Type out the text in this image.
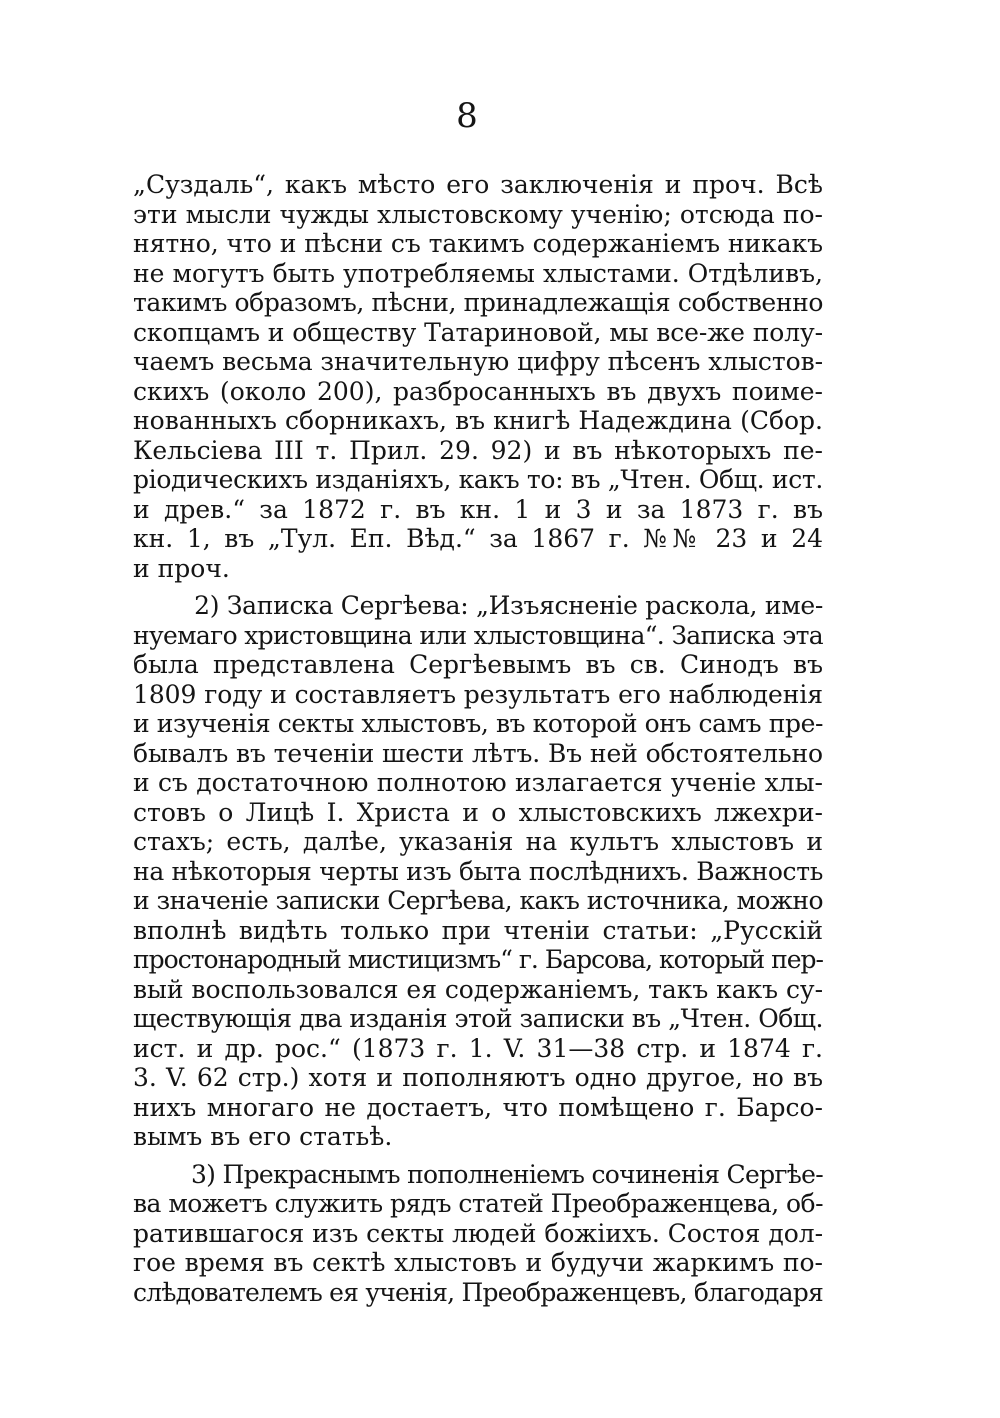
8
„Суздаль“, какъ мѣсто его заключенія и проч. Всѣ
эти мысли чужды хлыстовскому ученію; отсюда по-
нятно, что и пѣсни съ такимъ содержаніемъ никакъ
не могутъ быть употребляемы хлыстами. Отдѣливъ,
такимъ образомъ, пѣсни, принадлежащія собственно
скопцамъ и обществу Татариновой, мы все-же полу-
чаемъ весьма значительную цифру пѣсенъ хлыстов-
скихъ (около 200), разбросанныхъ въ двухъ поиме-
нованныхъ сборникахъ, въ книгѣ Надеждина (Сбор.
Кельсіева III т. Прил. 29. 92) и въ нѣкоторыхъ пе-
ріодическихъ изданіяхъ, какъ то: въ „Чтен. Общ. ист.
и древ.“ за 1872 г. въ кн. 1 и 3 и за 1873 г. въ
кн. 1, въ „Тул. Еп. Вѣд.“ за 1867 г. №№ 23 и 24
и проч.
2) Записка Сергѣева: „Изъясненіе раскола, име-
нуемаго христовщина или хлыстовщина“. Записка эта
была представлена Сергѣевымъ въ св. Синодъ въ
1809 году и составляетъ результатъ его наблюденія
и изученія секты хлыстовъ, въ которой онъ самъ пре-
бывалъ въ теченіи шести лѣтъ. Въ ней обстоятельно
и съ достаточною полнотою излагается ученіе хлы-
стовъ о Лицѣ I. Христа и о хлыстовскихъ лжехри-
стахъ; есть, далѣе, указанія на культъ хлыстовъ и
на нѣкоторыя черты изъ быта послѣднихъ. Важность
и значеніе записки Сергѣева, какъ источника, можно
вполнѣ видѣть только при чтеніи статьи: „Русскій
простонародный мистицизмъ“ г. Барсова, который пер-
вый воспользовался ея содержаніемъ, такъ какъ су-
ществующія два изданія этой записки въ „Чтен. Общ.
ист. и др. рос.“ (1873 г. 1. V. 31—38 стр. и 1874 г.
3. V. 62 стр.) хотя и пополняютъ одно другое, но въ
нихъ многаго не достаетъ, что помѣщено г. Барсо-
вымъ въ его статьѣ.
3) Прекраснымъ пополненіемъ сочиненія Сергѣе-
ва можетъ служить рядъ статей Преображенцева, об-
ратившагося изъ секты людей божіихъ. Состоя дол-
гое время въ сектѣ хлыстовъ и будучи жаркимъ по-
слѣдователемъ ея ученія, Преображенцевъ, благодаря
